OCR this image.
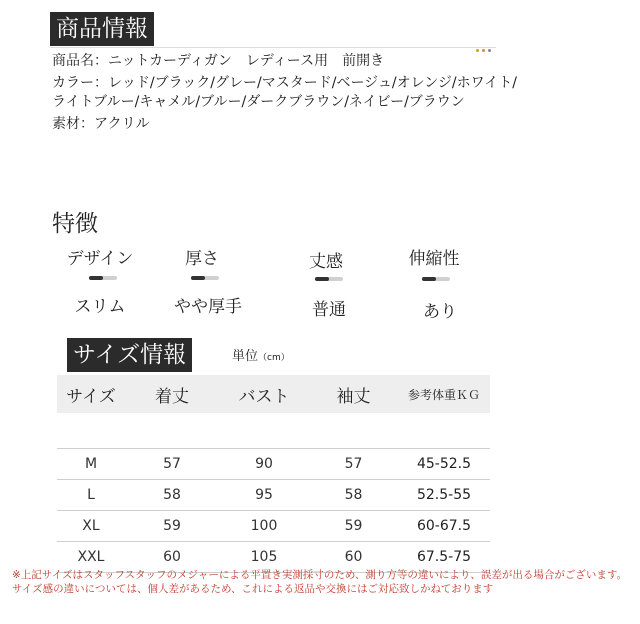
商品情報
商品名：ニットカーディガン　レディース用　前開き
カラー：レッド/ブラック/グレー/マスタード/ベージュ/オレンジ/ホワイト/
ライトブルー/キャメル/ブルー/ダークブラウン/ネイビー/ブラウン
素材：アクリル
特徴
デザイン
スリム
厚さ
やや厚手
丈感
普通
伸縮性
あり
サイズ情報	単位（cm）
サイズ	着丈	バスト	袖丈	参考体重ＫＧ

M	57	90	57	45-52.5
L	58	95	58	52.5-55
XL	59	100	59	60-67.5
XXL	60	105	60	67.5-75
※上記サイズはスタッフスタッフのメジャーによる平置き実測採寸のため、測り方等の違いにより、誤差が出る場合がございます。
サイズ感の違いについては、個人差があるため、これによる返品や交換にはご対応致しかねております
